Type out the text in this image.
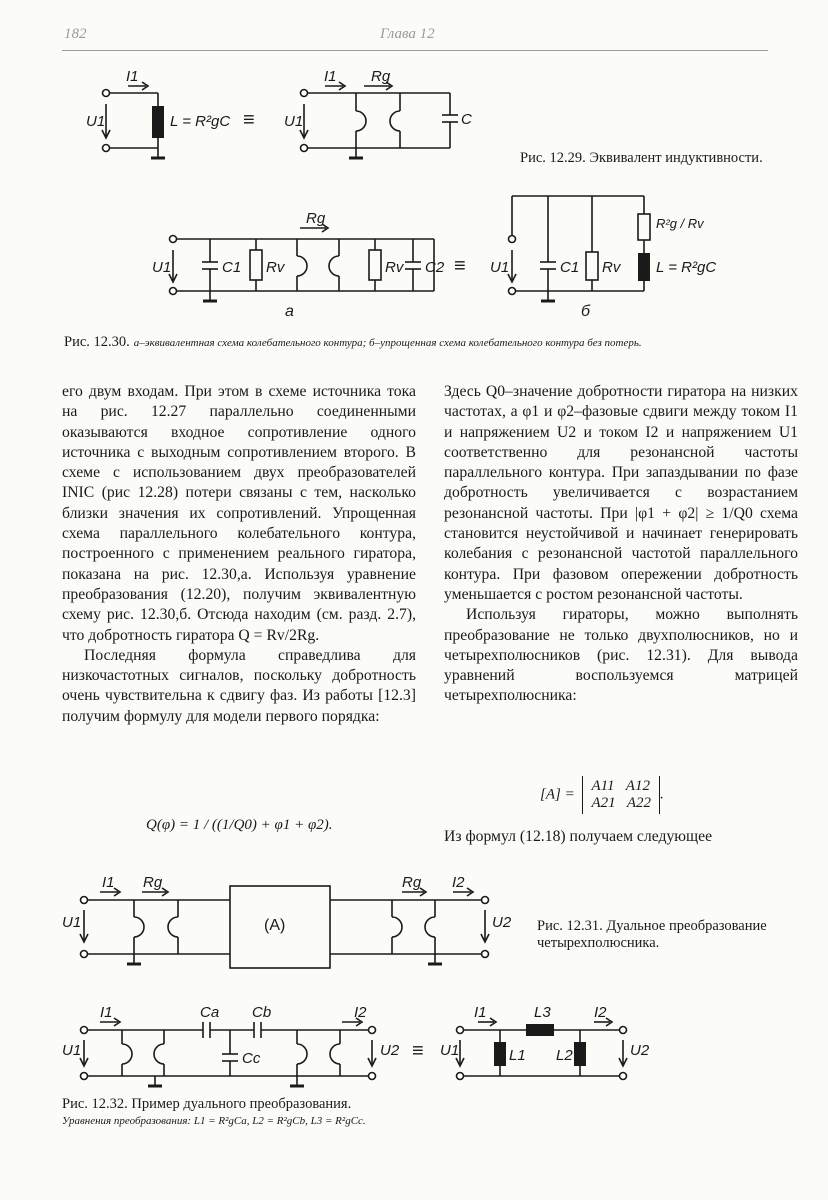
182	Глава 12
I1
U1	L = R²gC ≡
I1 Rg
U1	C
Рис. 12.29. Эквивалент индуктивности.
Rg
U1	C1 Rv	Rv C2 ≡ U1	C1 Rv
R²g / Rv
L = R²gC
a	б
Рис. 12.30. a–эквивалентная схема колебательного контура; б–упрощенная схема колебательного контура без потерь.

его двум входам. При этом в схеме источника тока на рис. 12.27 параллельно соединенными оказываются входное сопротивление одного источника с выходным сопротивлением второго. В схеме с использованием двух преобразователей INIC (рис 12.28) потери связаны с тем, насколько близки значения их сопротивлений. Упрощенная схема параллельного колебательного контура, построенного с применением реального гиратора, показана на рис. 12.30,а. Используя уравнение преобразования (12.20), получим эквивалентную схему рис. 12.30,б. Отсюда находим (см. разд. 2.7), что добротность гиратора Q = Rv/2Rg.

Последняя формула справедлива для низкочастотных сигналов, поскольку добротность очень чувствительна к сдвигу фаз. Из работы [12.3] получим формулу для модели первого порядка:

Q(φ) = 1 / ((1/Q0) + φ1 + φ2).

Здесь Q0–значение добротности гиратора на низких частотах, а φ1 и φ2–фазовые сдвиги между током I1 и напряжением U2 и током I2 и напряжением U1 соответственно для резонансной частоты параллельного контура. При запаздывании по фазе добротность увеличивается с возрастанием резонансной частоты. При |φ1 + φ2| ≥ 1/Q0 схема становится неустойчивой и начинает генерировать колебания с резонансной частотой параллельного контура. При фазовом опережении добротность уменьшается с ростом резонансной частоты.

Используя гираторы, можно выполнять преобразование не только двухполюсников, но и четырехполюсников (рис. 12.31). Для вывода уравнений воспользуемся матрицей четырехполюсника:

[A] =
A11 A12
A21 A22
.

Из формул (12.18) получаем следующее

I1 Rg	Rg I2
(A)
U1	U2 Рис. 12.31. Дуальное преобразование четырехполюсника.
I1	Ca Cb
Cc
I2
U1	U2 ≡
I1	L3	I2
U1	L1 L2	U2
Рис. 12.32. Пример дуального преобразования.
Уравнения преобразования: L1 = R²gCa, L2 = R²gCb, L3 = R²gCc.
